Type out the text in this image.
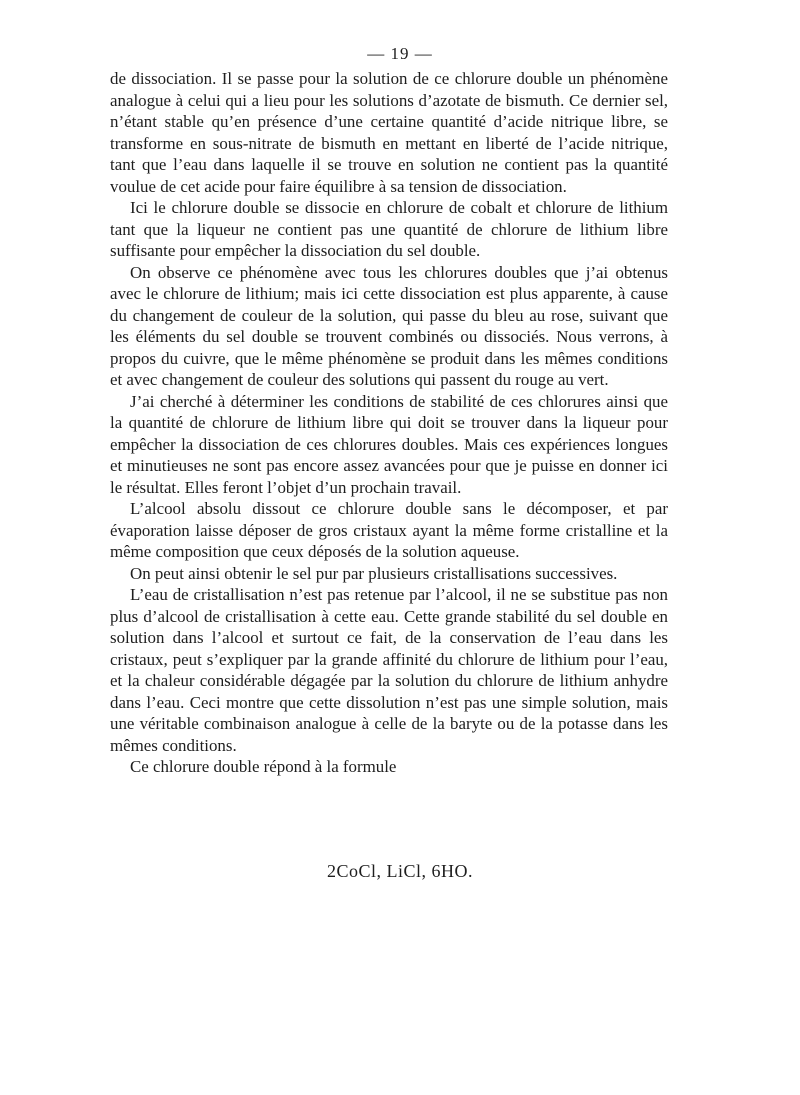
— 19 —

de dissociation. Il se passe pour la solution de ce chlorure double un phénomène analogue à celui qui a lieu pour les solutions d’azotate de bismuth. Ce dernier sel, n’étant stable qu’en présence d’une certaine quantité d’acide nitrique libre, se transforme en sous-nitrate de bismuth en mettant en liberté de l’acide nitrique, tant que l’eau dans laquelle il se trouve en solution ne contient pas la quantité voulue de cet acide pour faire équilibre à sa tension de dissociation.

Ici le chlorure double se dissocie en chlorure de cobalt et chlorure de lithium tant que la liqueur ne contient pas une quantité de chlorure de lithium libre suffisante pour empêcher la dissociation du sel double.

On observe ce phénomène avec tous les chlorures doubles que j’ai obtenus avec le chlorure de lithium; mais ici cette dissociation est plus apparente, à cause du changement de couleur de la solution, qui passe du bleu au rose, suivant que les éléments du sel double se trouvent combinés ou dissociés. Nous verrons, à propos du cuivre, que le même phénomène se produit dans les mêmes conditions et avec changement de couleur des solutions qui passent du rouge au vert.

J’ai cherché à déterminer les conditions de stabilité de ces chlorures ainsi que la quantité de chlorure de lithium libre qui doit se trouver dans la liqueur pour empêcher la dissociation de ces chlorures doubles. Mais ces expériences longues et minutieuses ne sont pas encore assez avancées pour que je puisse en donner ici le résultat. Elles feront l’objet d’un prochain travail.

L’alcool absolu dissout ce chlorure double sans le décomposer, et par évaporation laisse déposer de gros cristaux ayant la même forme cristalline et la même composition que ceux déposés de la solution aqueuse.

On peut ainsi obtenir le sel pur par plusieurs cristallisations successives.

L’eau de cristallisation n’est pas retenue par l’alcool, il ne se substitue pas non plus d’alcool de cristallisation à cette eau. Cette grande stabilité du sel double en solution dans l’alcool et surtout ce fait, de la conservation de l’eau dans les cristaux, peut s’expliquer par la grande affinité du chlorure de lithium pour l’eau, et la chaleur considérable dégagée par la solution du chlorure de lithium anhydre dans l’eau. Ceci montre que cette dissolution n’est pas une simple solution, mais une véritable combinaison analogue à celle de la baryte ou de la potasse dans les mêmes conditions.

Ce chlorure double répond à la formule

2CoCl, LiCl, 6HO.
